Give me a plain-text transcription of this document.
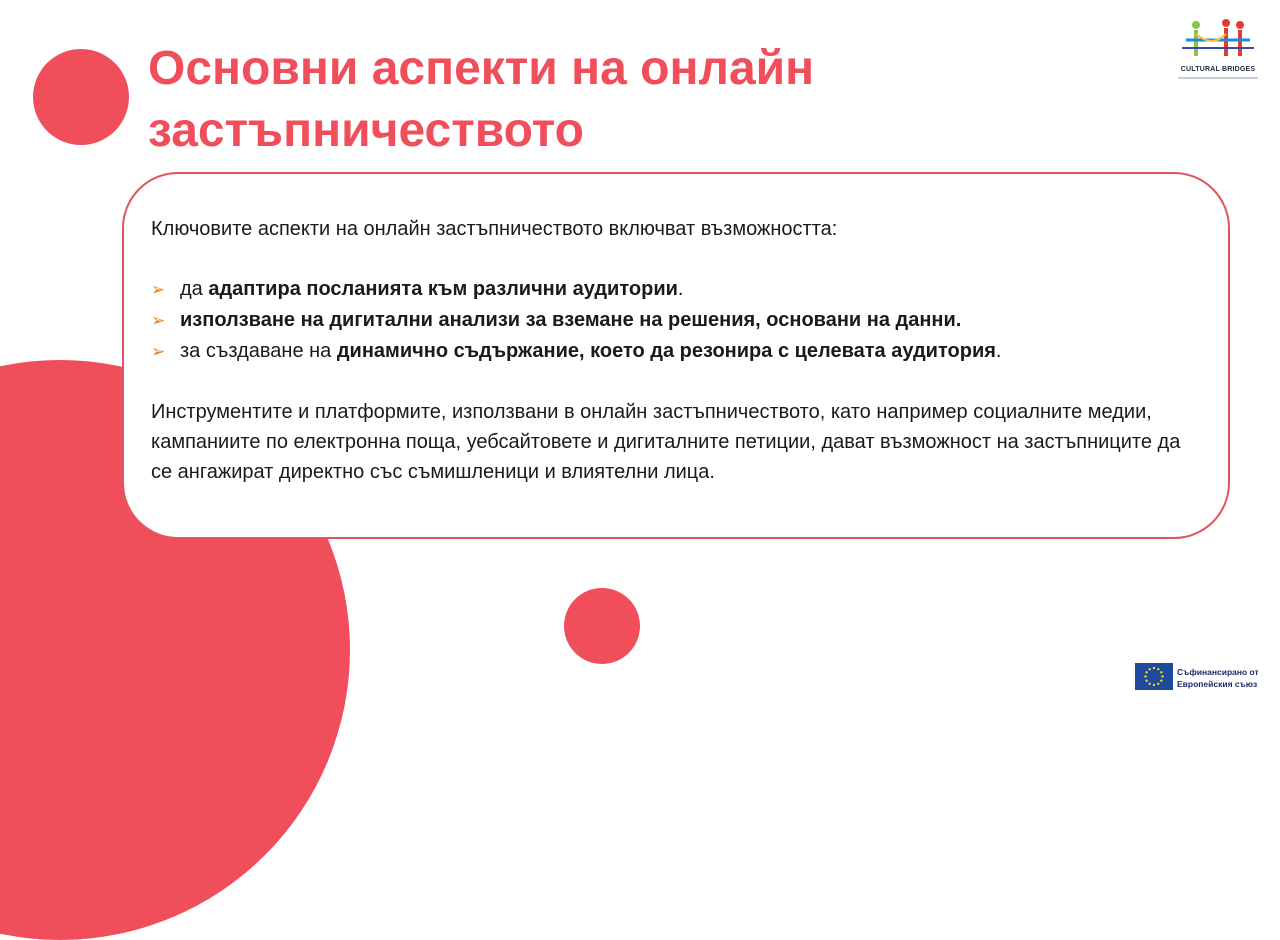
Основни аспекти на онлайн
застъпничеството

Ключовите аспекти на онлайн застъпничеството включват възможността:

➢ да адаптира посланията към различни аудитории.
➢ използване на дигитални анализи за вземане на решения, основани на данни.
➢ за създаване на динамично съдържание, което да резонира с целевата аудитория.

Инструментите и платформите, използвани в онлайн застъпничеството, като например социалните медии, кампаниите по електронна поща, уебсайтовете и дигиталните петиции, дават възможност на застъпниците да се ангажират директно със съмишленици и влиятелни лица.

CULTURAL BRIDGES
Съфинансирано от
Европейския съюз
